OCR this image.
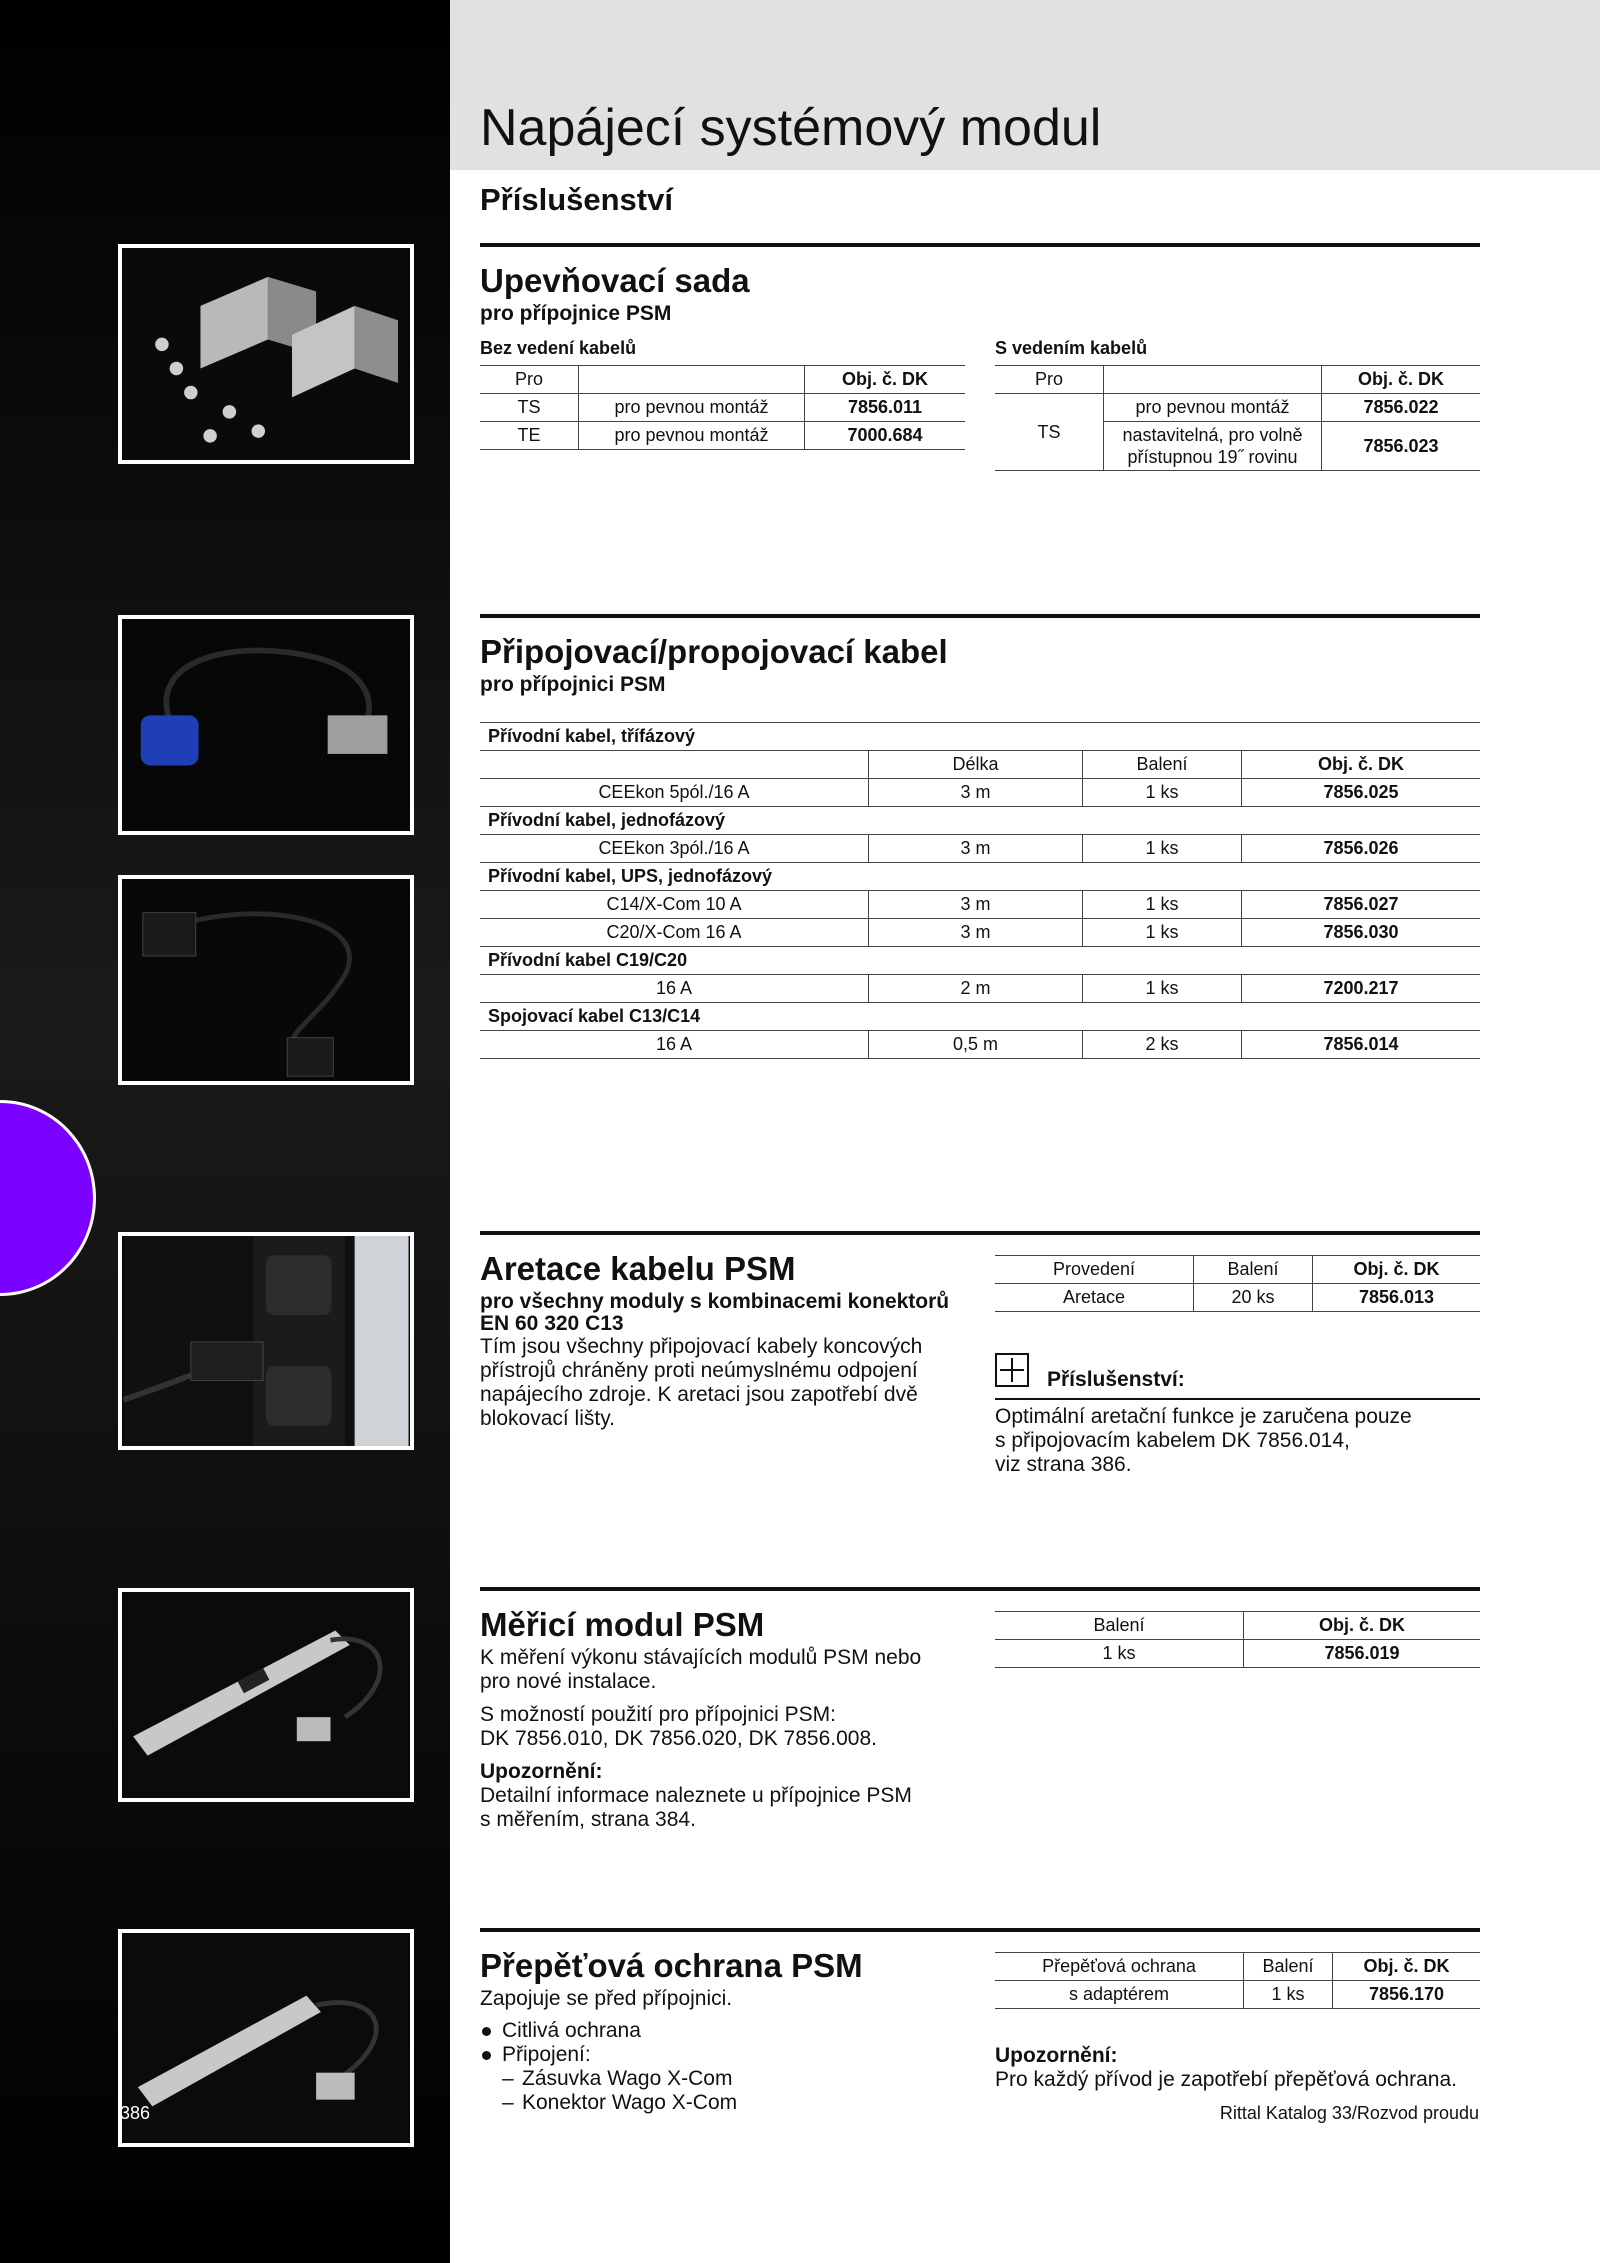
Napájecí systémový modul
Příslušenství
Upevňovací sada
pro přípojnice PSM
Bez vedení kabelů	S vedením kabelů
Pro		Obj. č. DK
TS	pro pevnou montáž	7856.011
TE	pro pevnou montáž	7000.684
Pro		Obj. č. DK
TS	pro pevnou montáž	7856.022
	nastavitelná, pro volně
přístupnou 19˝ rovinu	7856.023
Připojovací/propojovací kabel
pro přípojnici PSM
Přívodní kabel, třífázový			
	Délka	Balení	Obj. č. DK
CEEkon 5pól./16 A	3 m	1 ks	7856.025
Přívodní kabel, jednofázový			
CEEkon 3pól./16 A	3 m	1 ks	7856.026
Přívodní kabel, UPS, jednofázový			
C14/X-Com 10 A	3 m	1 ks	7856.027
C20/X-Com 16 A	3 m	1 ks	7856.030
Přívodní kabel C19/C20			
16 A	2 m	1 ks	7200.217
Spojovací kabel C13/C14			
16 A	0,5 m	2 ks	7856.014
Aretace kabelu PSM
pro všechny moduly s kombinacemi konektorů
EN 60 320 C13
Tím jsou všechny připojovací kabely koncových
přístrojů chráněny proti neúmyslnému odpojení
napájecího zdroje. K aretaci jsou zapotřebí dvě
blokovací lišty.
Provedení	Balení	Obj. č. DK
Aretace	20 ks	7856.013
Příslušenství:
Optimální aretační funkce je zaručena pouze
s připojovacím kabelem DK 7856.014,
viz strana 386.
Měřicí modul PSM
K měření výkonu stávajících modulů PSM nebo
pro nové instalace.
S možností použití pro přípojnici PSM:
DK 7856.010, DK 7856.020, DK 7856.008.
Upozornění:
Detailní informace naleznete u přípojnice PSM
s měřením, strana 384.
Balení	Obj. č. DK
1 ks	7856.019
Přepěťová ochrana PSM
Zapojuje se před přípojnici.
Citlivá ochrana
Připojení:
– Zásuvka Wago X-Com
– Konektor Wago X-Com
Přepěťová ochrana	Balení	Obj. č. DK
s adaptérem	1 ks	7856.170
Upozornění:
Pro každý přívod je zapotřebí přepěťová ochrana.
386	Rittal Katalog 33/Rozvod proudu
